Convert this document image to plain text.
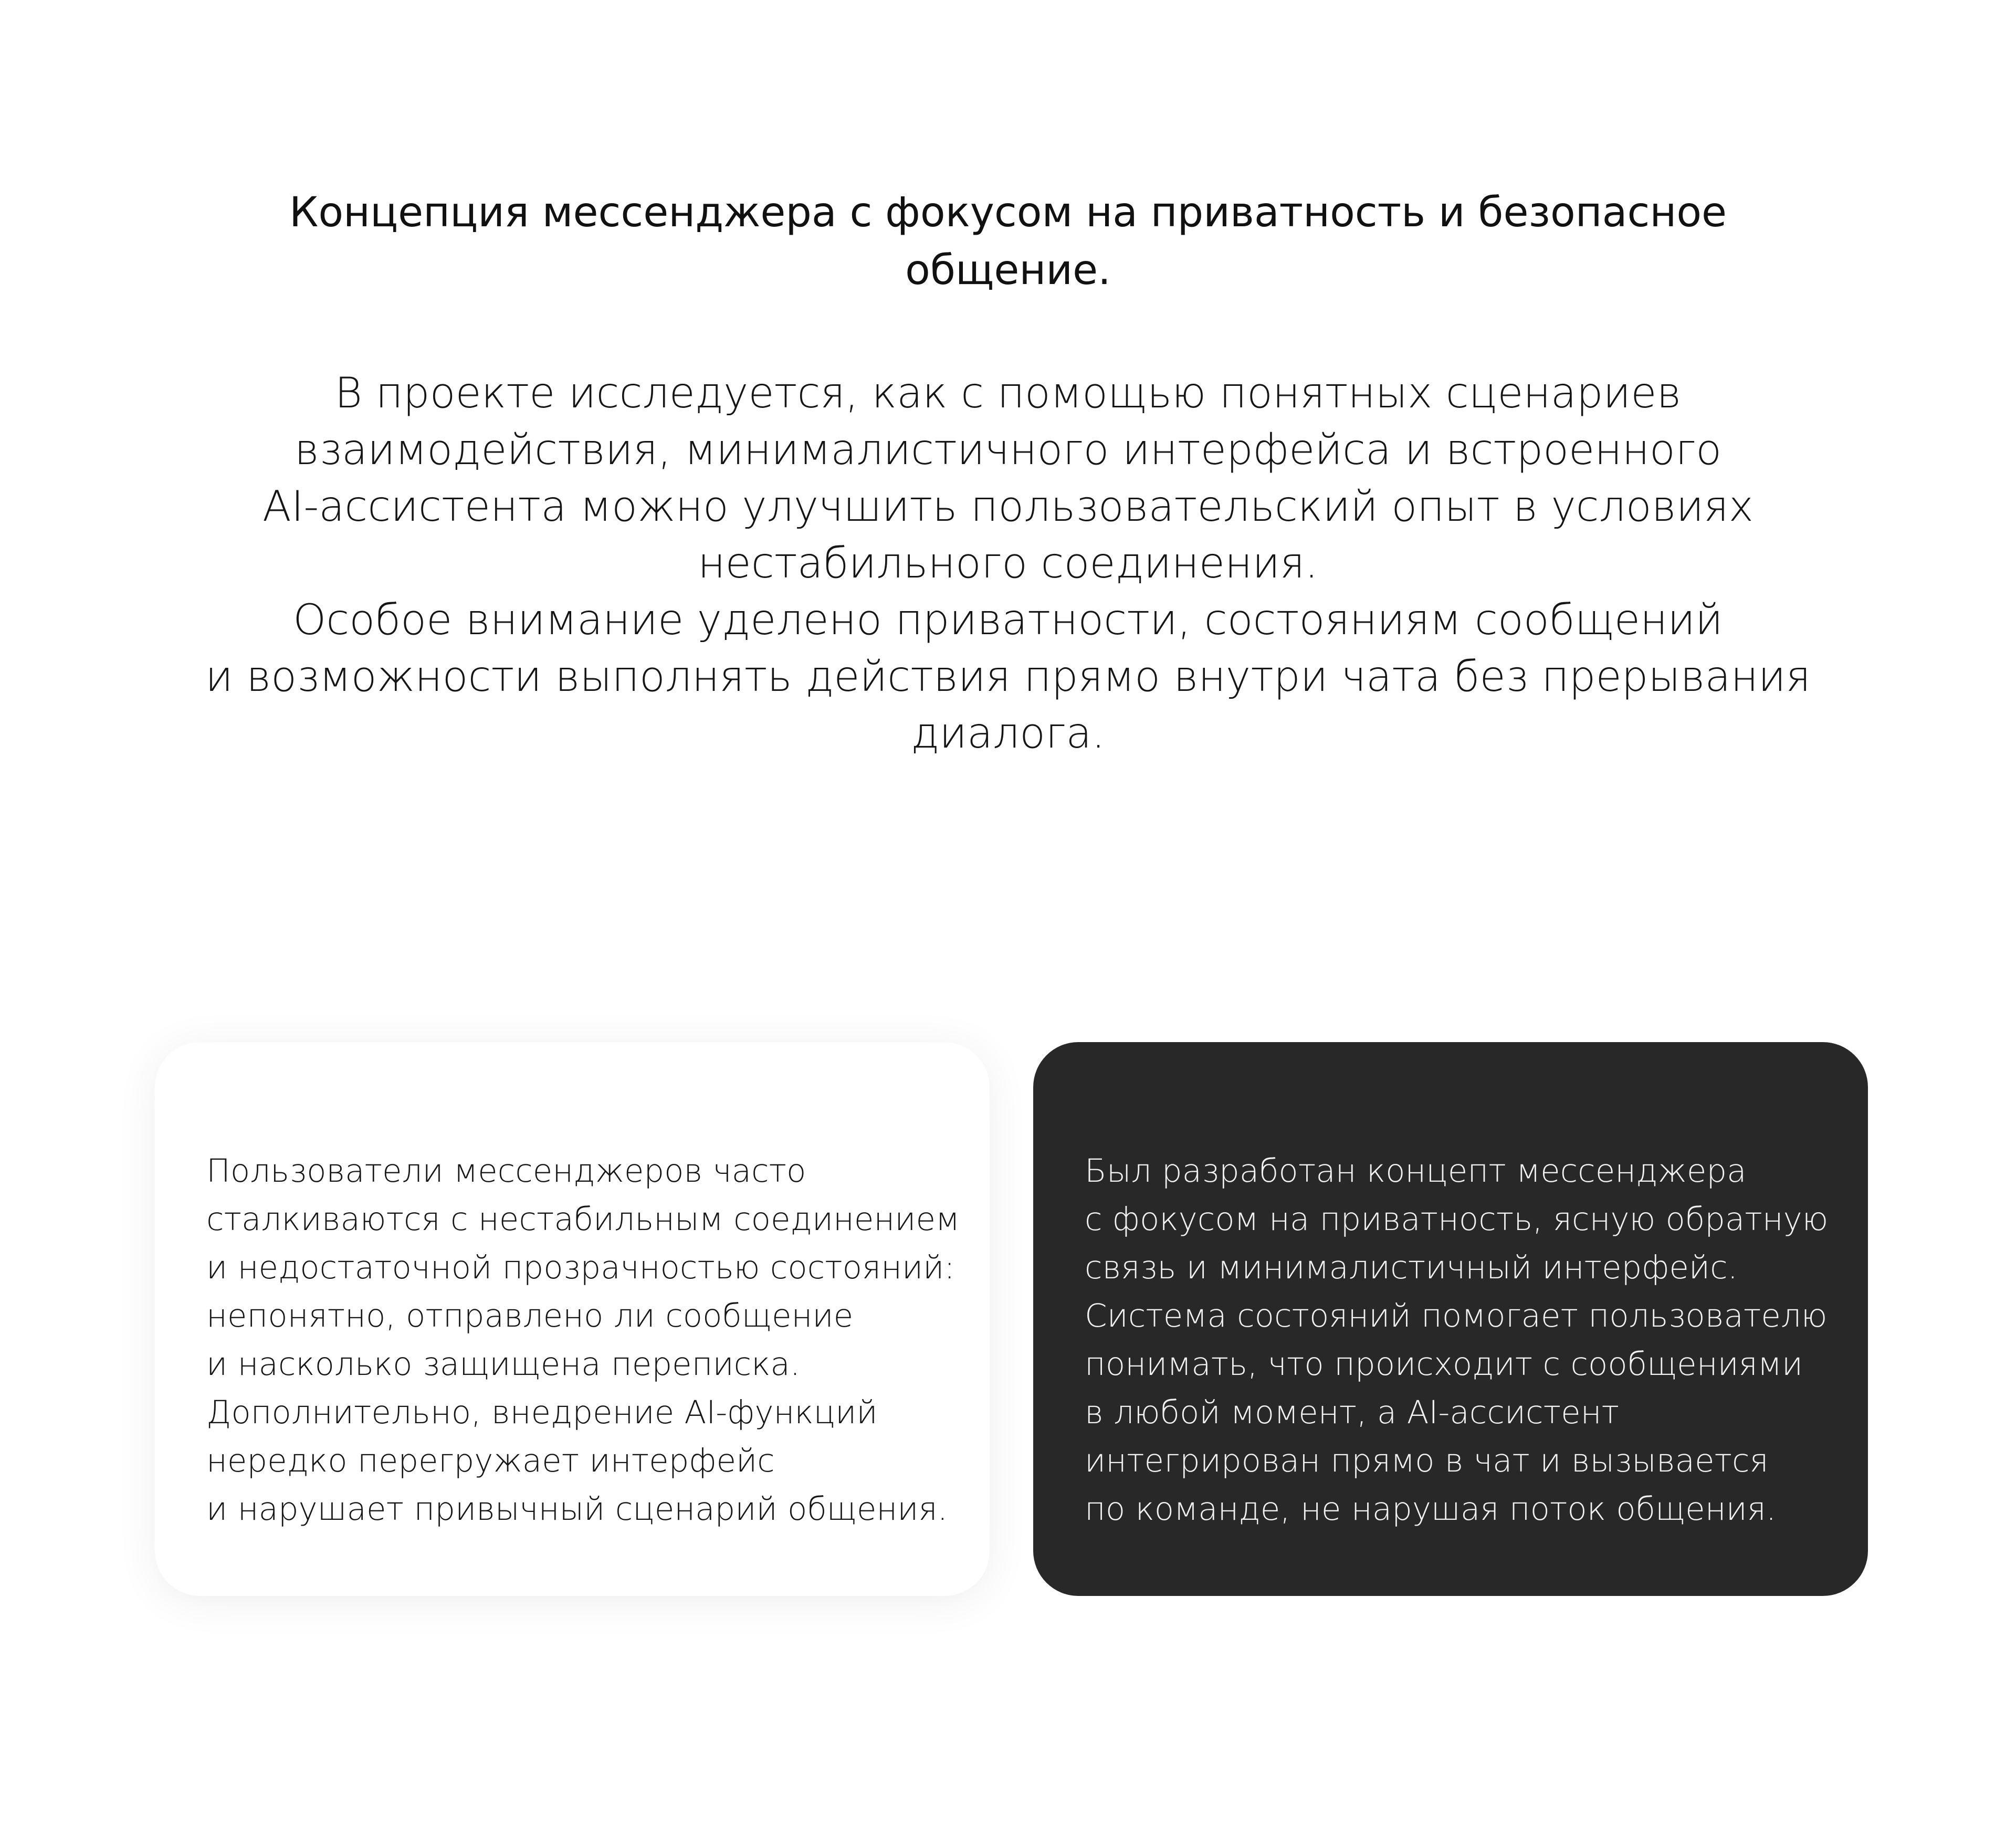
Концепция мессенджера с фокусом на приватность и безопасное
общение.

В проекте исследуется, как с помощью понятных сценариев
взаимодействия, минималистичного интерфейса и встроенного
AI-ассистента можно улучшить пользовательский опыт в условиях
нестабильного соединения.
Особое внимание уделено приватности, состояниям сообщений
и возможности выполнять действия прямо внутри чата без прерывания
диалога.

Пользователи мессенджеров часто
сталкиваются с нестабильным соединением
и недостаточной прозрачностью состояний:
непонятно, отправлено ли сообщение
и насколько защищена переписка.
Дополнительно, внедрение AI-функций
нередко перегружает интерфейс
и нарушает привычный сценарий общения.

Был разработан концепт мессенджера
с фокусом на приватность, ясную обратную
связь и минималистичный интерфейс.
Система состояний помогает пользователю
понимать, что происходит с сообщениями
в любой момент, а AI-ассистент
интегрирован прямо в чат и вызывается
по команде, не нарушая поток общения.
